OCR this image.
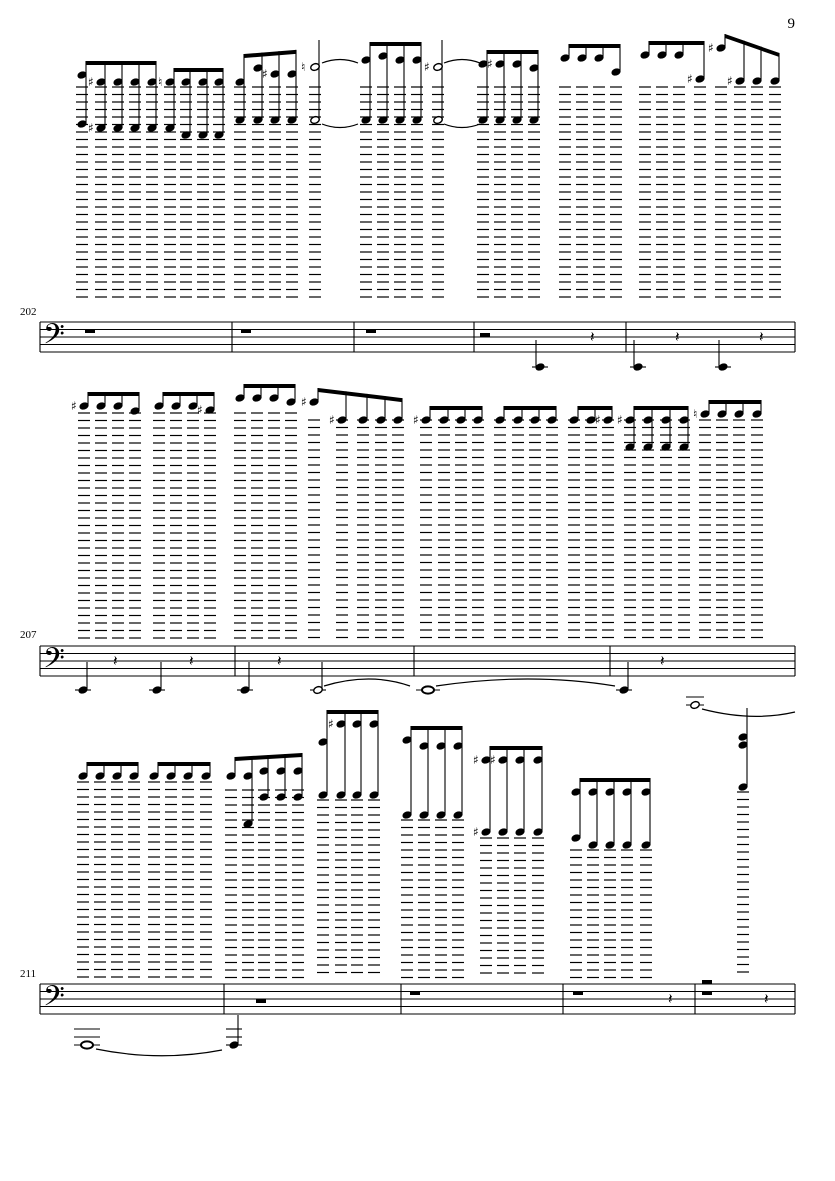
9
202
207
211
𝄢	𝄽	𝄽	𝄽
♯
♯
♮
♯	♮	♯	♯
♯
♯
♯
𝄢	𝄽	𝄽	𝄽	𝄽
♯	♯
♯
♯	♯	♯ ♯	♮
𝄢	𝄽	𝄽
♯
♯
♯
♯
